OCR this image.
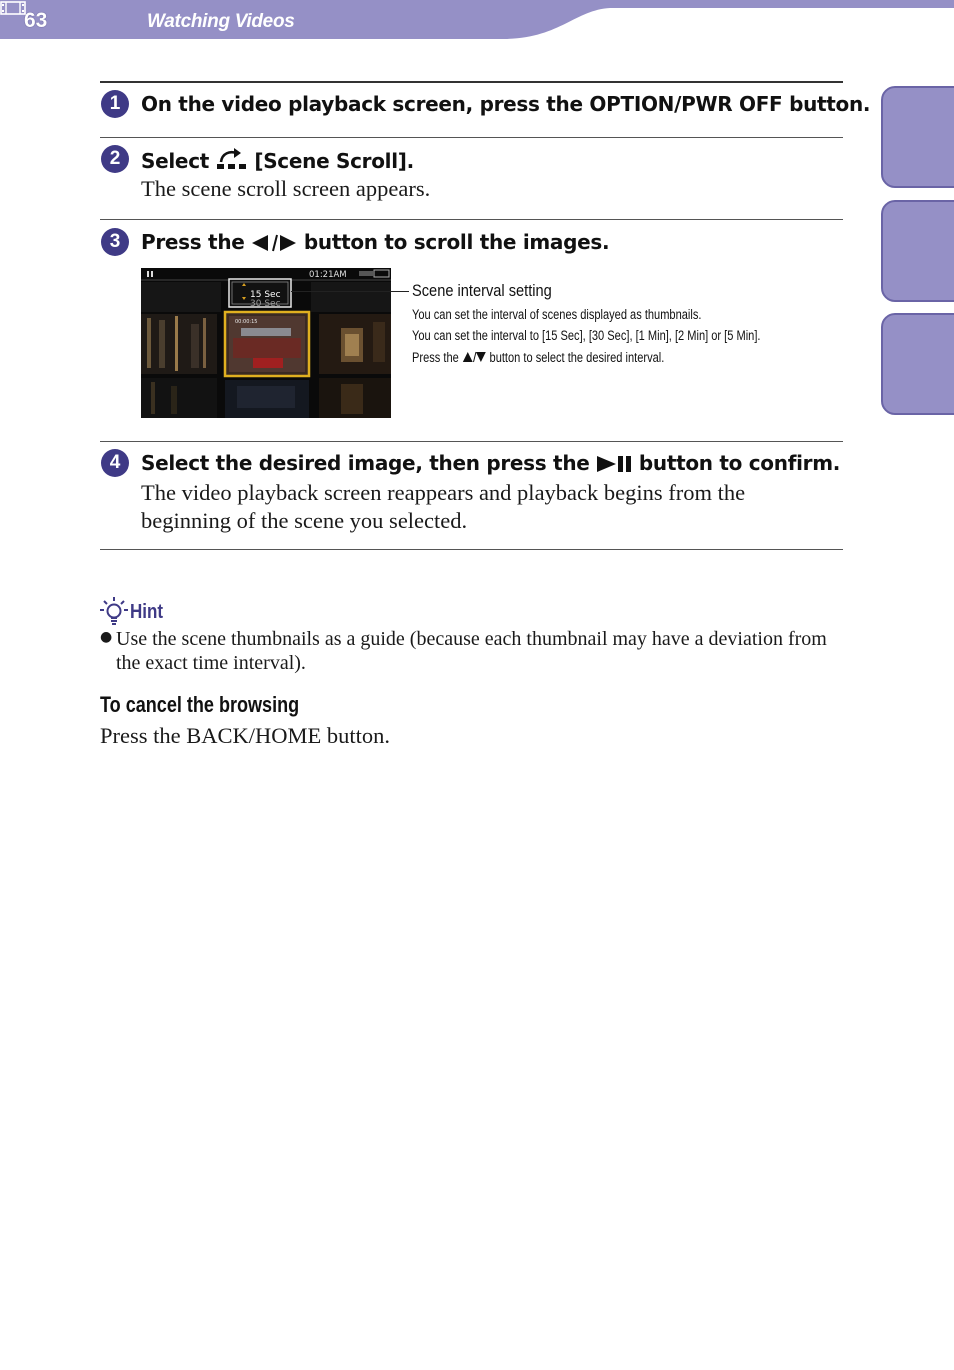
63	Watching Videos
Table of
Contents
Home
Menu
Index
1	On the video playback screen, press the OPTION/PWR OFF button.
2	Select [Scene Scroll].
The scene scroll screen appears.
3	Press the	button to scroll the images.
01:21AM
15 Sec
30 Sec
00:00:15
Scene interval setting
You can set the interval of scenes displayed as thumbnails.
You can set the interval to [15 Sec], [30 Sec], [1 Min], [2 Min] or [5 Min].
Press the button to select the desired interval.
4	Select the desired image, then press the button to confirm.
The video playback screen reappears and playback begins from the beginning of the scene you selected.
Hint
● Use the scene thumbnails as a guide (because each thumbnail may have a deviation from the exact time interval).
To cancel the browsing
Press the BACK/HOME button.
